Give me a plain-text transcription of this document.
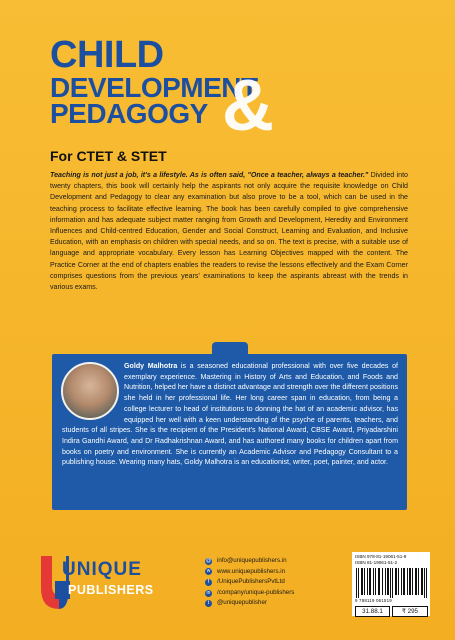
CHILD
DEVELOPMENT
PEDAGOGY &
For CTET & STET
Teaching is not just a job, it's a lifestyle. As is often said, "Once a teacher, always a teacher." Divided into twenty chapters, this book will certainly help the aspirants not only acquire the requisite knowledge on Child Development and Pedagogy to clear any examination but also prove to be a tool, which can be used in the teaching process to facilitate effective learning. The book has been carefully compiled to give comprehensive information and has adequate subject matter ranging from Growth and Development, Heredity and Environment Influences and Child-centred Education, Gender and Social Construct, Learning and Evaluation, and Inclusive Education, with an emphasis on children with special needs, and so on. The text is precise, with a suitable use of language and appropriate vocabulary. Every lesson has Learning Objectives mapped with the content. The Practice Corner at the end of chapters enables the readers to revise the lessons effectively and the Exam Corner comprises questions from the previous years' examinations to keep the aspirants abreast with the trends in various exams.
Goldy Malhotra is a seasoned educational professional with over five decades of exemplary experience. Mastering in History of Arts and Education, and Foods and Nutrition, helped her have a distinct advantage and strength over the different positions she held in her professional life. Her long career span in education, from being a college lecturer to head of institutions to donning the hat of an academic advisor, has equipped her well with a keen understanding of the psyche of parents, teachers, and students of all stripes. She is the recipient of the President's National Award, CBSE Award, Priyadarshini Indira Gandhi Award, and Dr Radhakrishnan Award, and has authored many books for children apart from books on poetry and environment. She is currently an Academic Advisor and Pedagogy Consultant to a publishing house. Wearing many hats, Goldy Malhotra is an educationist, writer, poet, painter, and actor.
UNIQUE
PUBLISHERS
@ info@uniquepublishers.in
w www.uniquepublishers.in
f	/UniquePublishersPvtLtd
in /company/unique-publishers
t	@uniquepublisher
ISBN 978-81-19061-51-9
ISBN 81-19061-51-2
9 788119 061519
31.88.1	₹ 295
